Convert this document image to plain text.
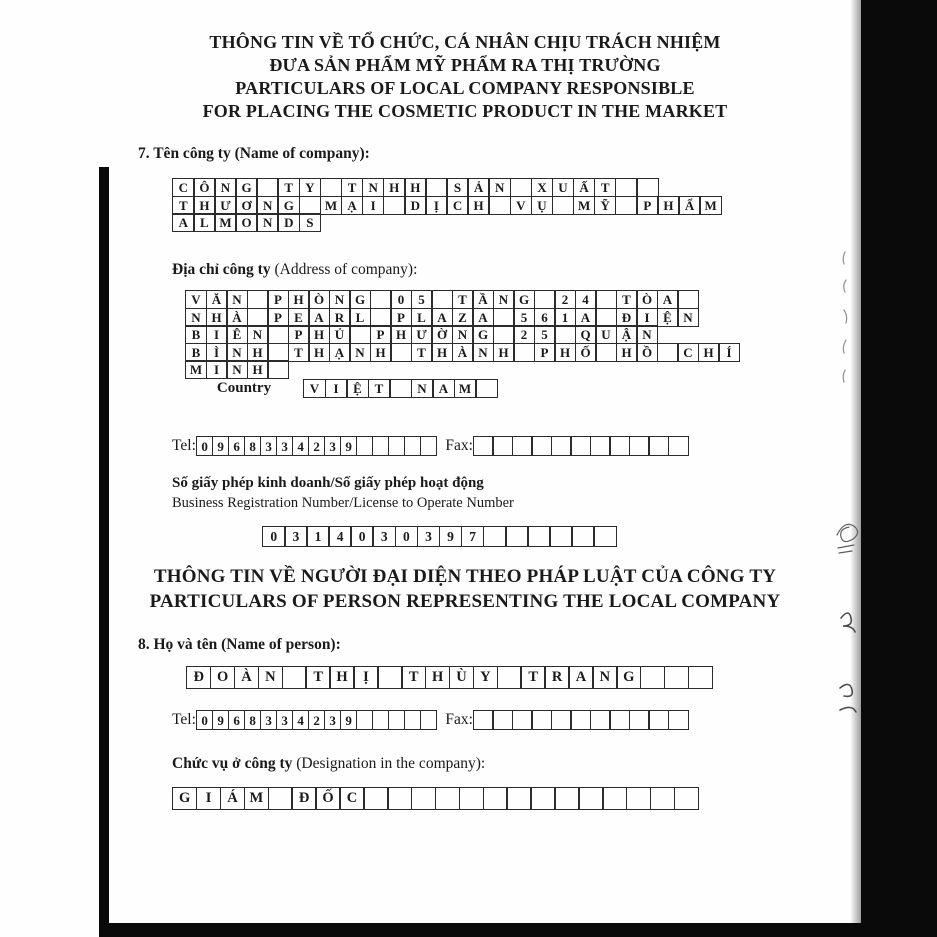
THÔNG TIN VỀ TỔ CHỨC, CÁ NHÂN CHỊU TRÁCH NHIỆM
ĐƯA SẢN PHẨM MỸ PHẨM RA THỊ TRƯỜNG
PARTICULARS OF LOCAL COMPANY RESPONSIBLE
FOR PLACING THE COSMETIC PRODUCT IN THE MARKET
7. Tên công ty (Name of company):
C Ô N G	T Y	T N H H	S Ả N	X U Ấ T
T H Ư Ơ N G	M Ạ	I	D	Ị	C H	V Ụ	M Ỹ	P H Ẩ M
A L M O N D S
Địa chỉ công ty (Address of company):
V Ă N	P H Ò N G	0	5	T Ầ N G	2	4	T Ò A
N H À	P E A R L	P L A Z A	5	6	1 A	Đ	I	Ệ N
B	I	Ê N	P H Ủ	P H Ư Ờ N G	2	5	Q U Ậ N
B	Ì	N H	T H Ạ N H	T H À N H	P H Ố	H Ồ	C H Í
M I	N H
Country	V	I	Ệ T	N A M
Tel: 0 9 6 8 3 3 4 2 3 9	Fax:
Số giấy phép kinh doanh/Số giấy phép hoạt động
Business Registration Number/License to Operate Number
0	3	1	4	0	3	0	3	9	7
THÔNG TIN VỀ NGƯỜI ĐẠI DIỆN THEO PHÁP LUẬT CỦA CÔNG TY
PARTICULARS OF PERSON REPRESENTING THE LOCAL COMPANY
8. Họ và tên (Name of person):
Đ O À N	T H	Ị	T H Ù Y	T R A N G
Tel: 0 9 6 8 3 3 4 2 3 9	Fax:
Chức vụ ở công ty (Designation in the company):
G	I	Á M	Đ Ố C
